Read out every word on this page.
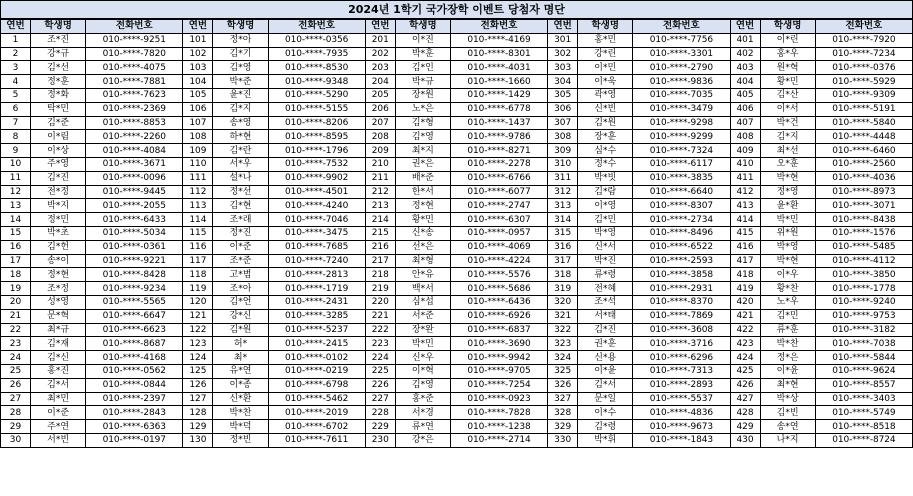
2024년 1학기 국가장학 이벤트 당첨자 명단														
연번	학생명	전화번호	연번	학생명	전화번호	연번	학생명	전화번호	연번	학생명	전화번호	연번	학생명	전화번호
1	조*진	010-****-9251	101	정*아	010-****-0356	201	이*진	010-****-4169	301	홍*민	010-****-7756	401	이*린	010-****-7920
2	강*규	010-****-7820	102	김*기	010-****-7935	202	박*훈	010-****-8301	302	강*린	010-****-3301	402	홍*우	010-****-7234
3	김*선	010-****-4075	103	김*영	010-****-8530	203	김*인	010-****-4031	303	이*민	010-****-2790	403	원*혁	010-****-0376
4	정*훈	010-****-7881	104	박*준	010-****-9348	204	박*규	010-****-1660	304	이*욱	010-****-9836	404	황*민	010-****-5929
5	정*화	010-****-7623	105	윤*진	010-****-5290	205	장*원	010-****-1429	305	곽*영	010-****-7035	405	김*산	010-****-9309
6	탁*민	010-****-2369	106	김*지	010-****-5155	206	노*은	010-****-6778	306	신*빈	010-****-3479	406	이*서	010-****-5191
7	김*준	010-****-8853	107	송*영	010-****-8206	207	김*형	010-****-1437	307	김*원	010-****-9298	407	박*건	010-****-5840
8	이*림	010-****-2260	108	하*현	010-****-8595	208	김*영	010-****-9786	308	장*훈	010-****-9299	408	김*지	010-****-4448
9	이*상	010-****-4084	109	김*란	010-****-1796	209	최*지	010-****-8271	309	심*수	010-****-7324	409	최*선	010-****-6460
10	주*영	010-****-3671	110	서*우	010-****-7532	210	권*은	010-****-2278	310	정*수	010-****-6117	410	오*훈	010-****-2560
11	김*진	010-****-0096	111	설*나	010-****-9902	211	배*준	010-****-6766	311	박*빗	010-****-3835	411	박*현	010-****-4036
12	전*정	010-****-9445	112	정*선	010-****-4501	212	한*서	010-****-6077	312	김*람	010-****-6640	412	정*영	010-****-8973
13	박*지	010-****-2055	113	김*현	010-****-4240	213	정*현	010-****-2747	313	이*영	010-****-8307	413	윤*환	010-****-3071
14	정*민	010-****-6433	114	조*래	010-****-7046	214	황*민	010-****-6307	314	김*민	010-****-2734	414	박*민	010-****-8438
15	박*초	010-****-5034	115	정*진	010-****-3475	215	신*송	010-****-0957	315	박*영	010-****-8496	415	위*원	010-****-1576
16	김*헌	010-****-0361	116	이*준	010-****-7685	216	선*은	010-****-4069	316	신*서	010-****-6522	416	박*영	010-****-5485
17	송*이	010-****-9221	117	조*준	010-****-7240	217	최*형	010-****-4224	317	박*진	010-****-2593	417	박*현	010-****-4112
18	정*현	010-****-8428	118	고*범	010-****-2813	218	안*유	010-****-5576	318	류*령	010-****-3858	418	이*우	010-****-3850
19	조*정	010-****-9234	119	조*아	010-****-1719	219	백*서	010-****-5686	319	전*혜	010-****-2931	419	황*찬	010-****-1778
20	성*영	010-****-5565	120	김*언	010-****-2431	220	심*섭	010-****-6436	320	조*석	010-****-8370	420	노*우	010-****-9240
21	문*혁	010-****-6647	121	강*신	010-****-3285	221	서*준	010-****-6926	321	서*태	010-****-7869	421	김*민	010-****-9753
22	최*규	010-****-6623	122	김*원	010-****-5237	222	장*완	010-****-6837	322	김*진	010-****-3608	422	류*훈	010-****-3182
23	김*재	010-****-8687	123	허*	010-****-2415	223	박*민	010-****-3690	323	권*훈	010-****-3716	423	박*찬	010-****-7038
24	김*신	010-****-4168	124	최*	010-****-0102	224	신*우	010-****-9942	324	신*용	010-****-6296	424	정*은	010-****-5844
25	홍*진	010-****-0562	125	유*연	010-****-0219	225	이*혁	010-****-9705	325	이*윤	010-****-7313	425	이*윤	010-****-9624
26	김*서	010-****-0844	126	이*종	010-****-6798	226	김*영	010-****-7254	326	김*서	010-****-2893	426	최*현	010-****-8557
27	최*민	010-****-2397	127	신*환	010-****-5462	227	홍*준	010-****-0923	327	문*일	010-****-5537	427	박*상	010-****-3403
28	이*준	010-****-2843	128	박*찬	010-****-2019	228	서*경	010-****-7828	328	이*수	010-****-4836	428	김*빈	010-****-5749
29	주*연	010-****-6363	129	박*덕	010-****-6702	229	류*연	010-****-1238	329	김*령	010-****-9673	429	송*연	010-****-8518
30	서*빈	010-****-0197	130	정*빈	010-****-7611	230	강*은	010-****-2714	330	박*휘	010-****-1843	430	나*지	010-****-8724
